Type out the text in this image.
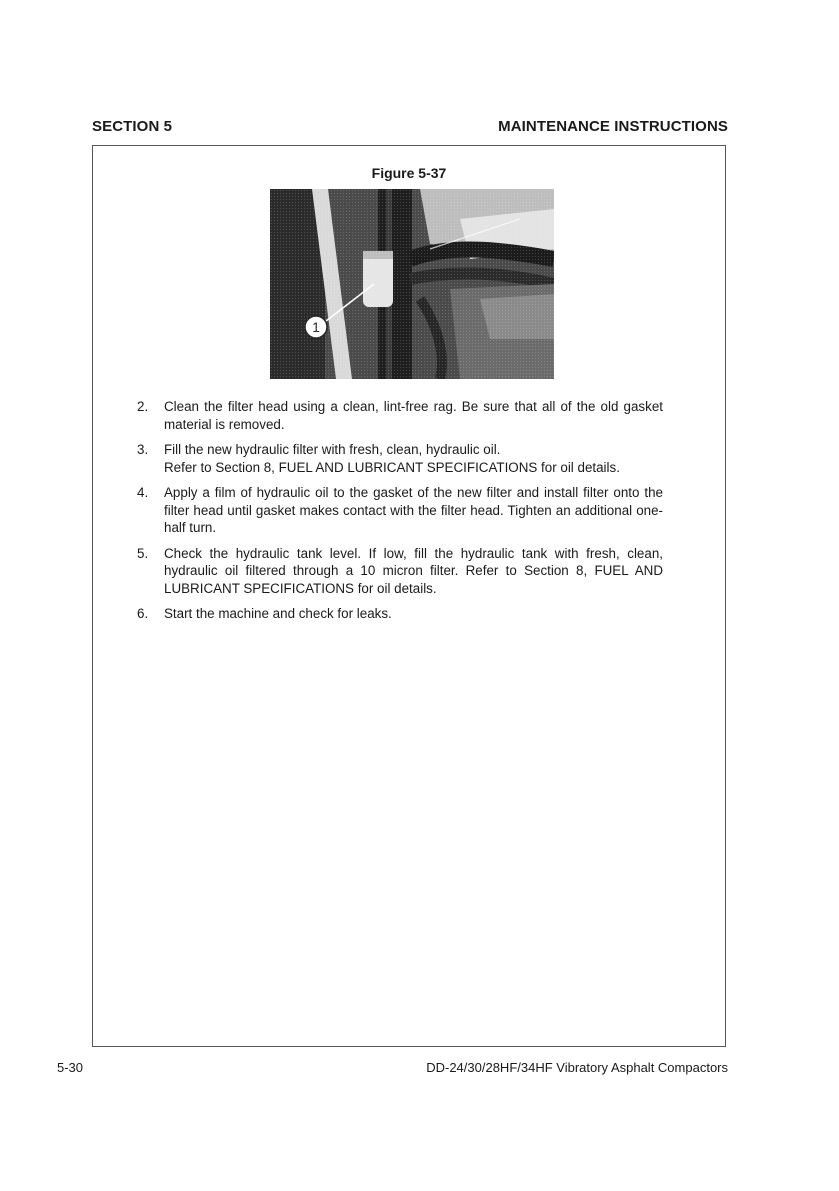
SECTION 5	MAINTENANCE INSTRUCTIONS
Figure 5-37
2. Clean the filter head using a clean, lint-free rag. Be sure that all of the old gasket material is removed.
3. Fill the new hydraulic filter with fresh, clean, hydraulic oil.
Refer to Section 8, FUEL AND LUBRICANT SPECIFICATIONS for oil details.
4. Apply a film of hydraulic oil to the gasket of the new filter and install filter onto the filter head until gasket makes contact with the filter head. Tighten an additional one-half turn.
5. Check the hydraulic tank level. If low, fill the hydraulic tank with fresh, clean, hydraulic oil filtered through a 10 micron filter. Refer to Section 8, FUEL AND LUBRICANT SPECIFICATIONS for oil details.
6. Start the machine and check for leaks.
5-30	DD-24/30/28HF/34HF Vibratory Asphalt Compactors
